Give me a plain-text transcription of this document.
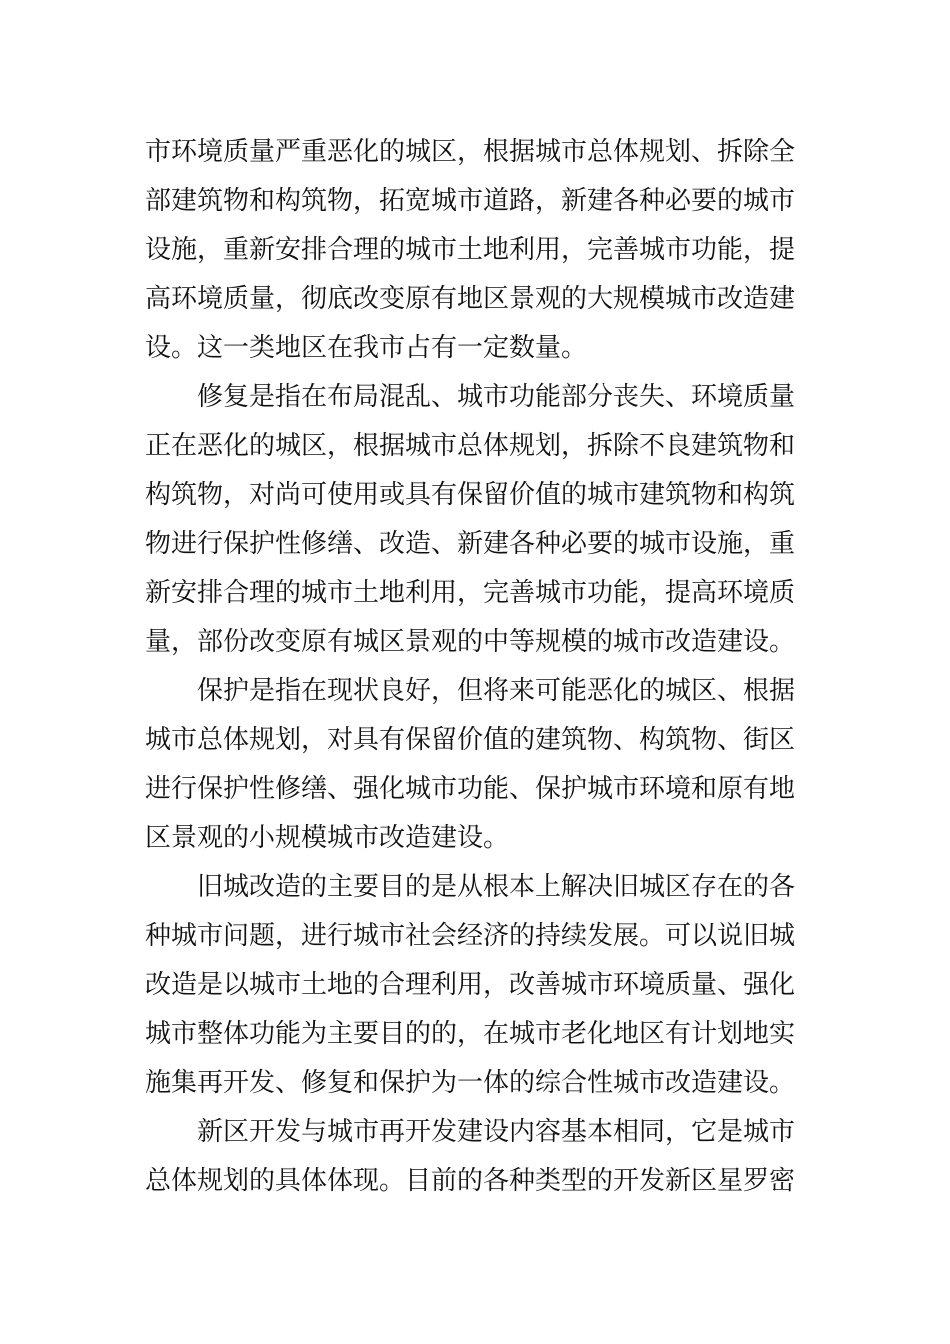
市环境质量严重恶化的城区，根据城市总体规划、拆除全
部建筑物和构筑物，拓宽城市道路，新建各种必要的城市
设施，重新安排合理的城市土地利用，完善城市功能，提
高环境质量，彻底改变原有地区景观的大规模城市改造建
设。这一类地区在我市占有一定数量。
修复是指在布局混乱、城市功能部分丧失、环境质量
正在恶化的城区，根据城市总体规划，拆除不良建筑物和
构筑物，对尚可使用或具有保留价值的城市建筑物和构筑
物进行保护性修缮、改造、新建各种必要的城市设施，重
新安排合理的城市土地利用，完善城市功能，提高环境质
量，部份改变原有城区景观的中等规模的城市改造建设。
保护是指在现状良好，但将来可能恶化的城区、根据
城市总体规划，对具有保留价值的建筑物、构筑物、街区
进行保护性修缮、强化城市功能、保护城市环境和原有地
区景观的小规模城市改造建设。
旧城改造的主要目的是从根本上解决旧城区存在的各
种城市问题，进行城市社会经济的持续发展。可以说旧城
改造是以城市土地的合理利用，改善城市环境质量、强化
城市整体功能为主要目的的，在城市老化地区有计划地实
施集再开发、修复和保护为一体的综合性城市改造建设。
新区开发与城市再开发建设内容基本相同，它是城市
总体规划的具体体现。目前的各种类型的开发新区星罗密
